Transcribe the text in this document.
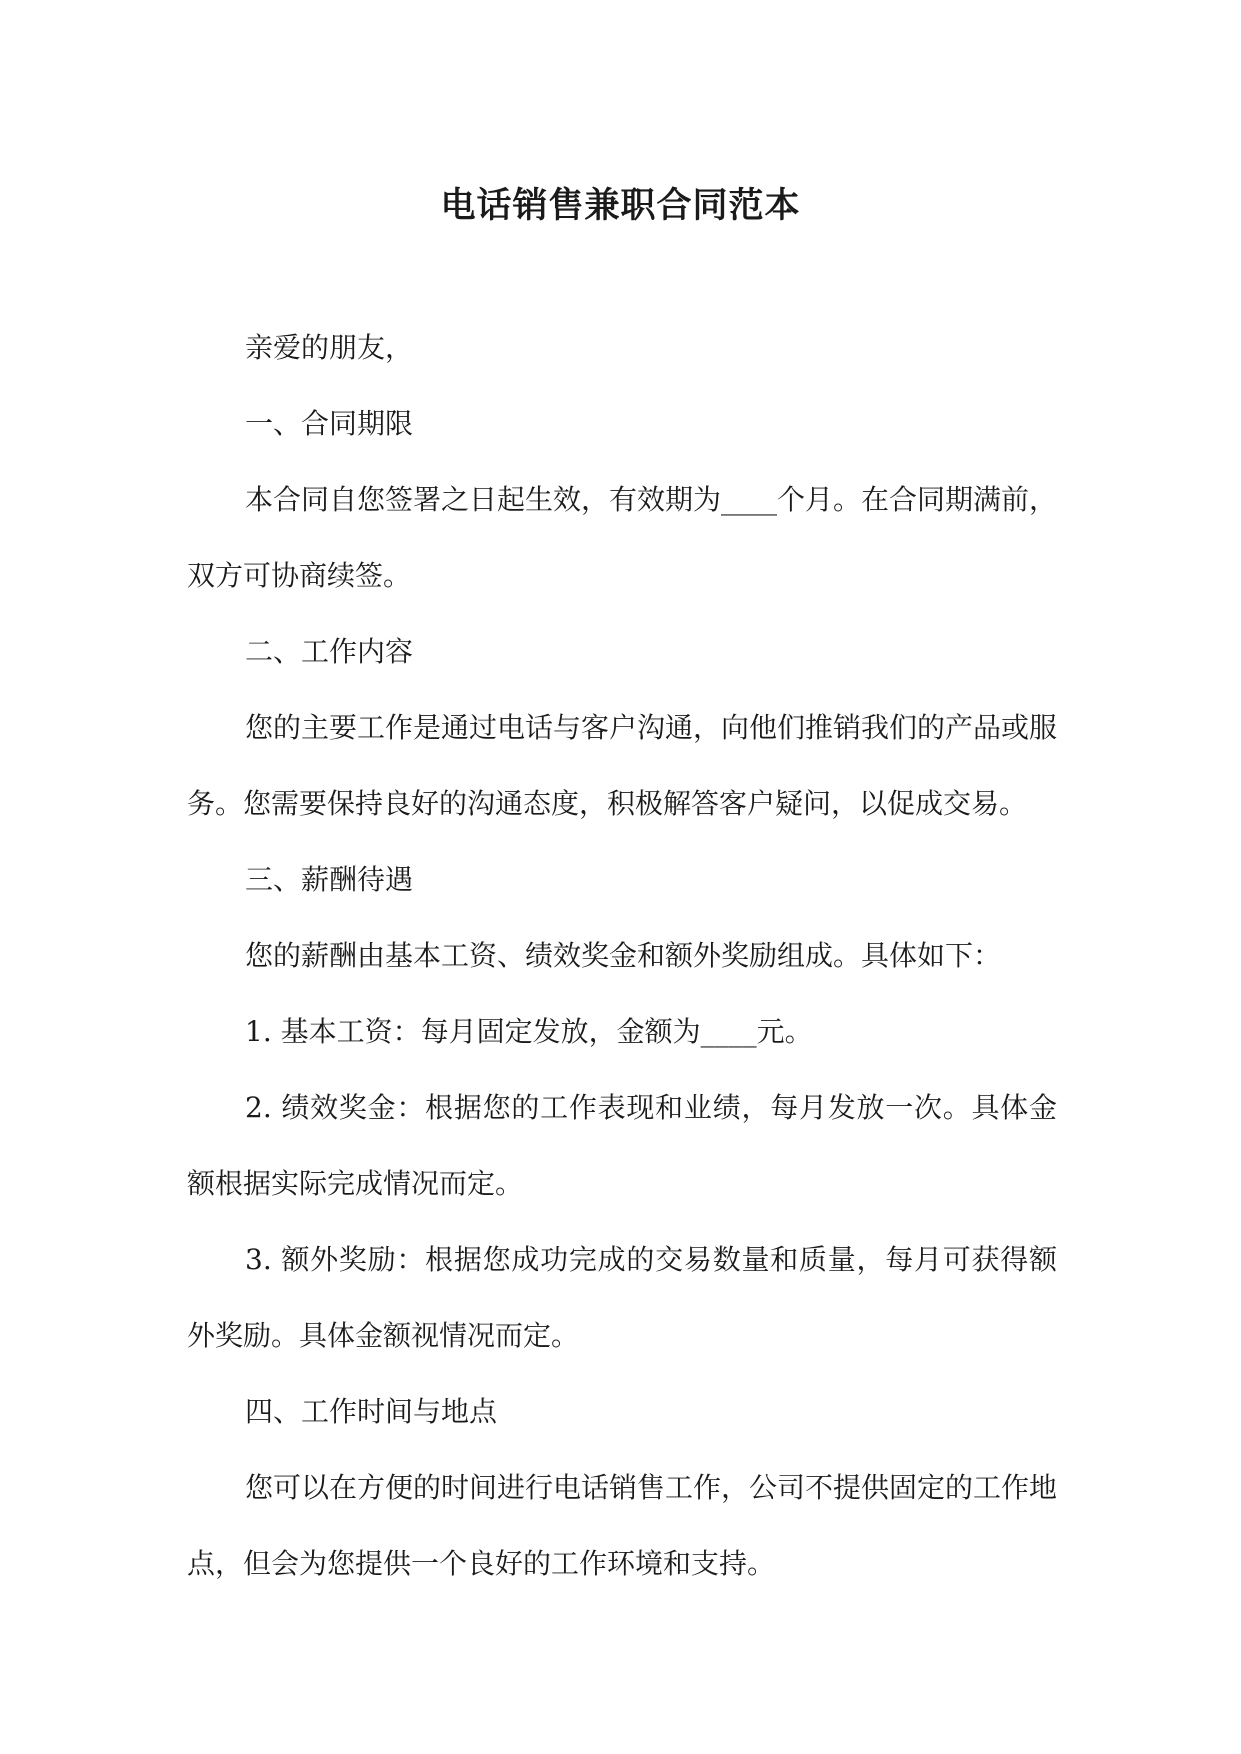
电话销售兼职合同范本

亲爱的朋友，

一、合同期限

本合同自您签署之日起生效，有效期为____个月。在合同期满前，双方可协商续签。

二、工作内容

您的主要工作是通过电话与客户沟通，向他们推销我们的产品或服务。您需要保持良好的沟通态度，积极解答客户疑问，以促成交易。

三、薪酬待遇

您的薪酬由基本工资、绩效奖金和额外奖励组成。具体如下：

1. 基本工资：每月固定发放，金额为____元。

2. 绩效奖金：根据您的工作表现和业绩，每月发放一次。具体金额根据实际完成情况而定。

3. 额外奖励：根据您成功完成的交易数量和质量，每月可获得额外奖励。具体金额视情况而定。

四、工作时间与地点

您可以在方便的时间进行电话销售工作，公司不提供固定的工作地点，但会为您提供一个良好的工作环境和支持。
